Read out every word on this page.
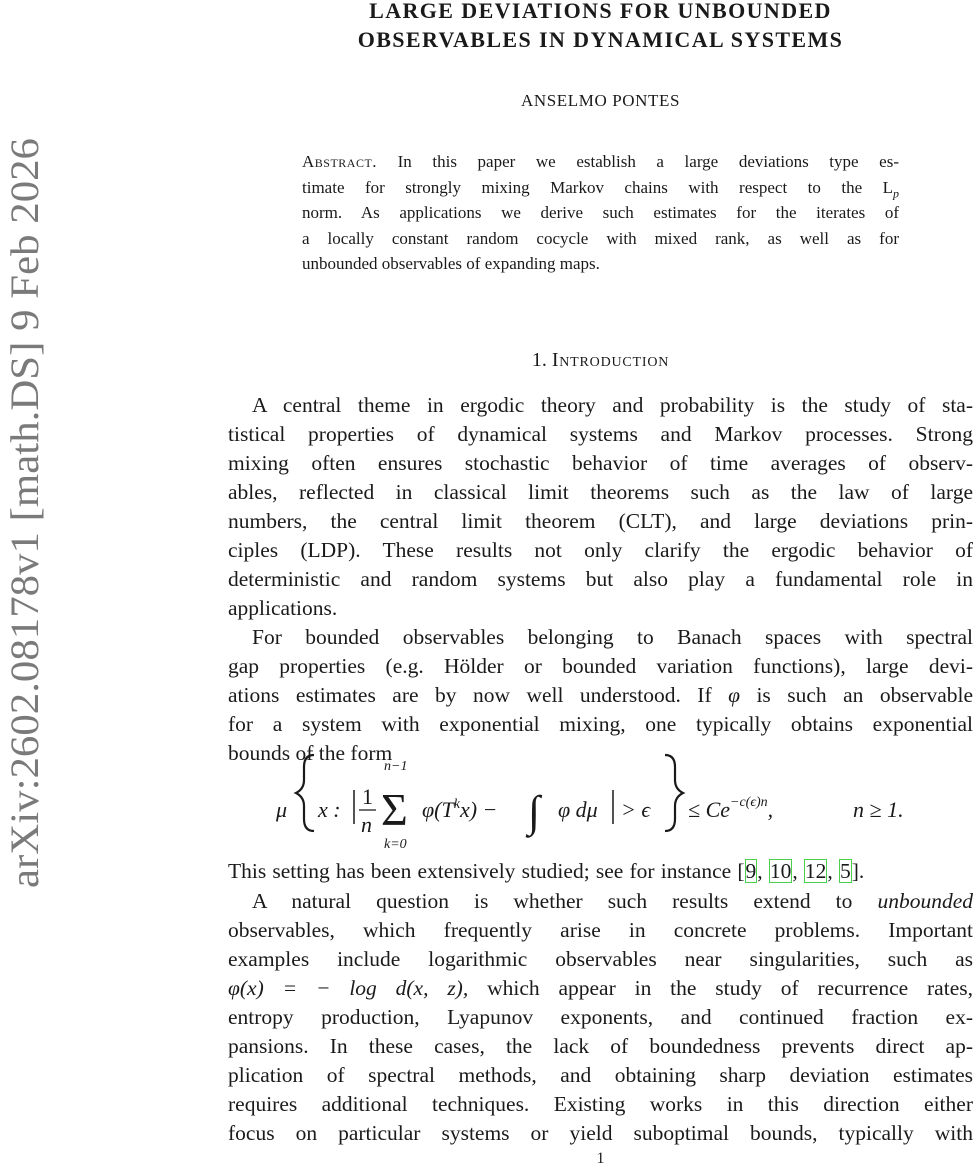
arXiv:2602.08178v1 [math.DS] 9 Feb 2026
LARGE DEVIATIONS FOR UNBOUNDED
OBSERVABLES IN DYNAMICAL SYSTEMS
ANSELMO PONTES
Abstract. In this paper we establish a large deviations type es-
timate for strongly mixing Markov chains with respect to the $L_p$
norm. As applications we derive such estimates for the iterates of
a locally constant random cocycle with mixed rank, as well as for
unbounded observables of expanding maps.
1. Introduction
A central theme in ergodic theory and probability is the study of sta-
tistical properties of dynamical systems and Markov processes. Strong
mixing often ensures stochastic behavior of time averages of observ-
ables, reflected in classical limit theorems such as the law of large
numbers, the central limit theorem (CLT), and large deviations prin-
ciples (LDP). These results not only clarify the ergodic behavior of
deterministic and random systems but also play a fundamental role in
applications.
For bounded observables belonging to Banach spaces with spectral
gap properties (e.g. Hölder or bounded variation functions), large devi-
ations estimates are by now well understood. If φ is such an observable
for a system with exponential mixing, one typically obtains exponential
bounds of the form
This setting has been extensively studied; see for instance [9, 10, 12, 5].
A natural question is whether such results extend to unbounded
observables, which frequently arise in concrete problems. Important
examples include logarithmic observables near singularities, such as
φ(x) = − log d(x, z), which appear in the study of recurrence rates,
entropy production, Lyapunov exponents, and continued fraction ex-
pansions. In these cases, the lack of boundedness prevents direct ap-
plication of spectral methods, and obtaining sharp deviation estimates
requires additional techniques. Existing works in this direction either
focus on particular systems or yield suboptimal bounds, typically with
μ x :
1
n
n−1
Σ
k=0
$\varphi(T^kx)$ − ∫ φ $d\mu > \epsilon \le Ce^{-c(\epsilon)n}$,	n ≥ 1.
1
